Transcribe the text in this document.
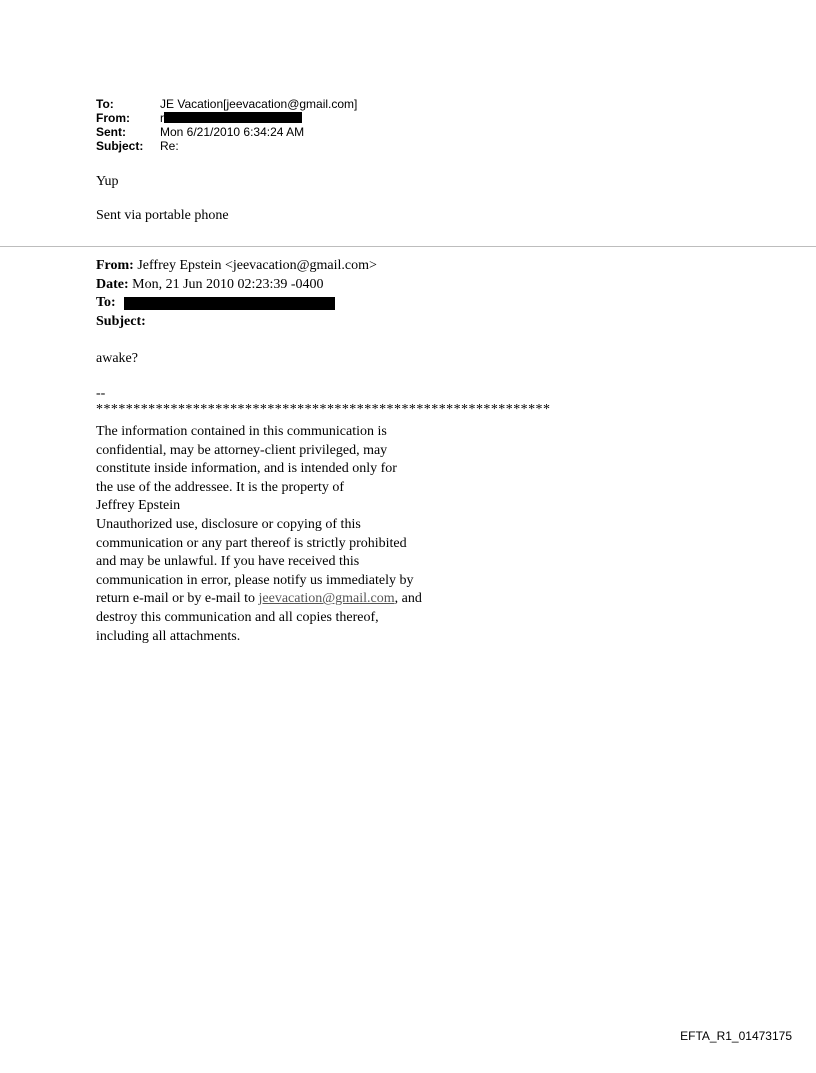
To:	JE Vacation[jeevacation@gmail.com]
From:	r
Sent:	Mon 6/21/2010 6:34:24 AM
Subject: Re:
Yup
Sent via portable phone
From: Jeffrey Epstein <jeevacation@gmail.com>
Date: Mon, 21 Jun 2010 02:23:39 -0400
To:
Subject:
awake?
--
*************************************************************
The information contained in this communication is
confidential, may be attorney-client privileged, may
constitute inside information, and is intended only for
the use of the addressee. It is the property of
Jeffrey Epstein
Unauthorized use, disclosure or copying of this
communication or any part thereof is strictly prohibited
and may be unlawful. If you have received this
communication in error, please notify us immediately by
return e-mail or by e-mail to jeevacation@gmail.com, and
destroy this communication and all copies thereof,
including all attachments.
EFTA_R1_01473175
